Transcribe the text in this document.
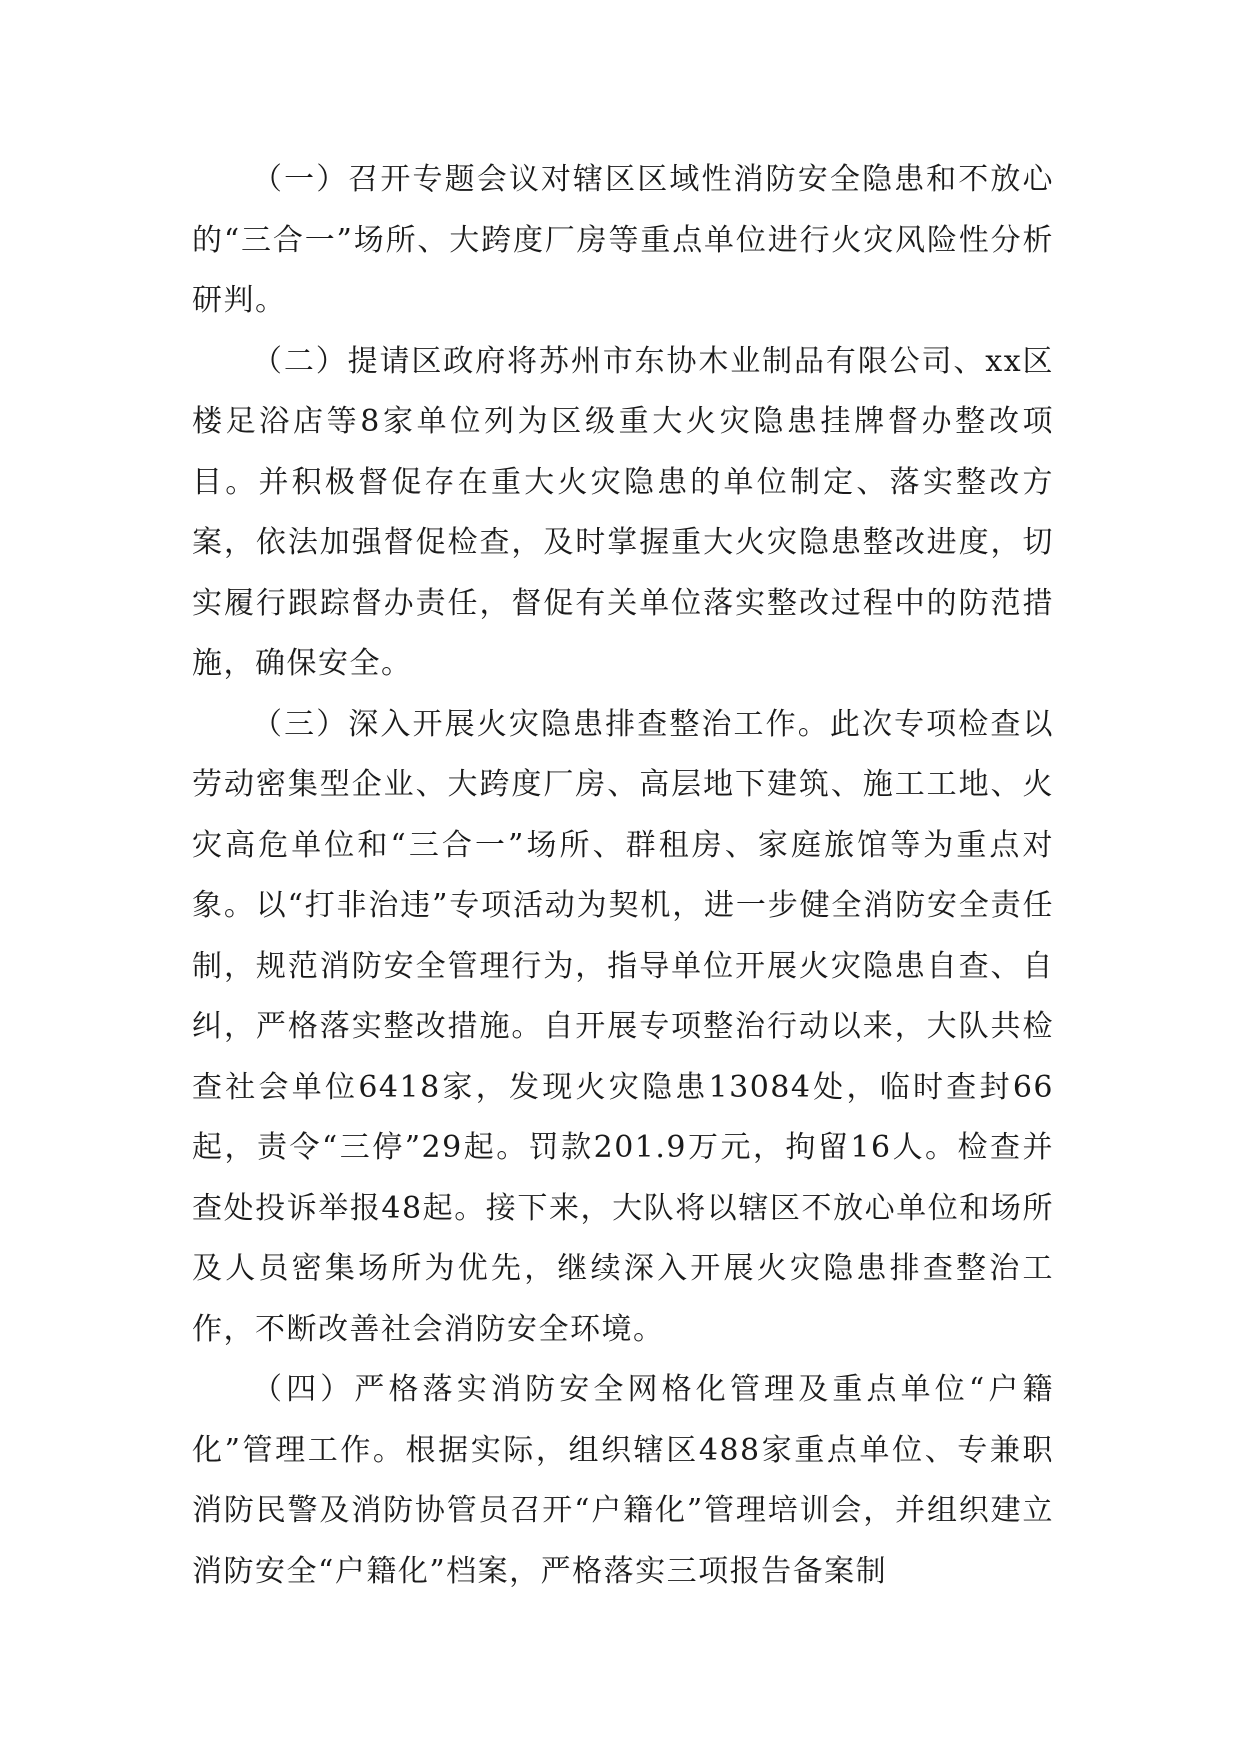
（一）召开专题会议对辖区区域性消防安全隐患和不放心的“三合一”场所、大跨度厂房等重点单位进行火灾风险性分析研判。

（二）提请区政府将苏州市东协木业制品有限公司、xx区楼足浴店等8家单位列为区级重大火灾隐患挂牌督办整改项目。并积极督促存在重大火灾隐患的单位制定、落实整改方案，依法加强督促检查，及时掌握重大火灾隐患整改进度，切实履行跟踪督办责任，督促有关单位落实整改过程中的防范措施，确保安全。

（三）深入开展火灾隐患排查整治工作。此次专项检查以劳动密集型企业、大跨度厂房、高层地下建筑、施工工地、火灾高危单位和“三合一”场所、群租房、家庭旅馆等为重点对象。以“打非治违”专项活动为契机，进一步健全消防安全责任制，规范消防安全管理行为，指导单位开展火灾隐患自查、自纠，严格落实整改措施。自开展专项整治行动以来，大队共检查社会单位6418家，发现火灾隐患13084处，临时查封66起，责令“三停”29起。罚款201.9万元，拘留16人。检查并查处投诉举报48起。接下来，大队将以辖区不放心单位和场所及人员密集场所为优先，继续深入开展火灾隐患排查整治工作，不断改善社会消防安全环境。

（四）严格落实消防安全网格化管理及重点单位“户籍化”管理工作。根据实际，组织辖区488家重点单位、专兼职消防民警及消防协管员召开“户籍化”管理培训会，并组织建立消防安全“户籍化”档案，严格落实三项报告备案制
